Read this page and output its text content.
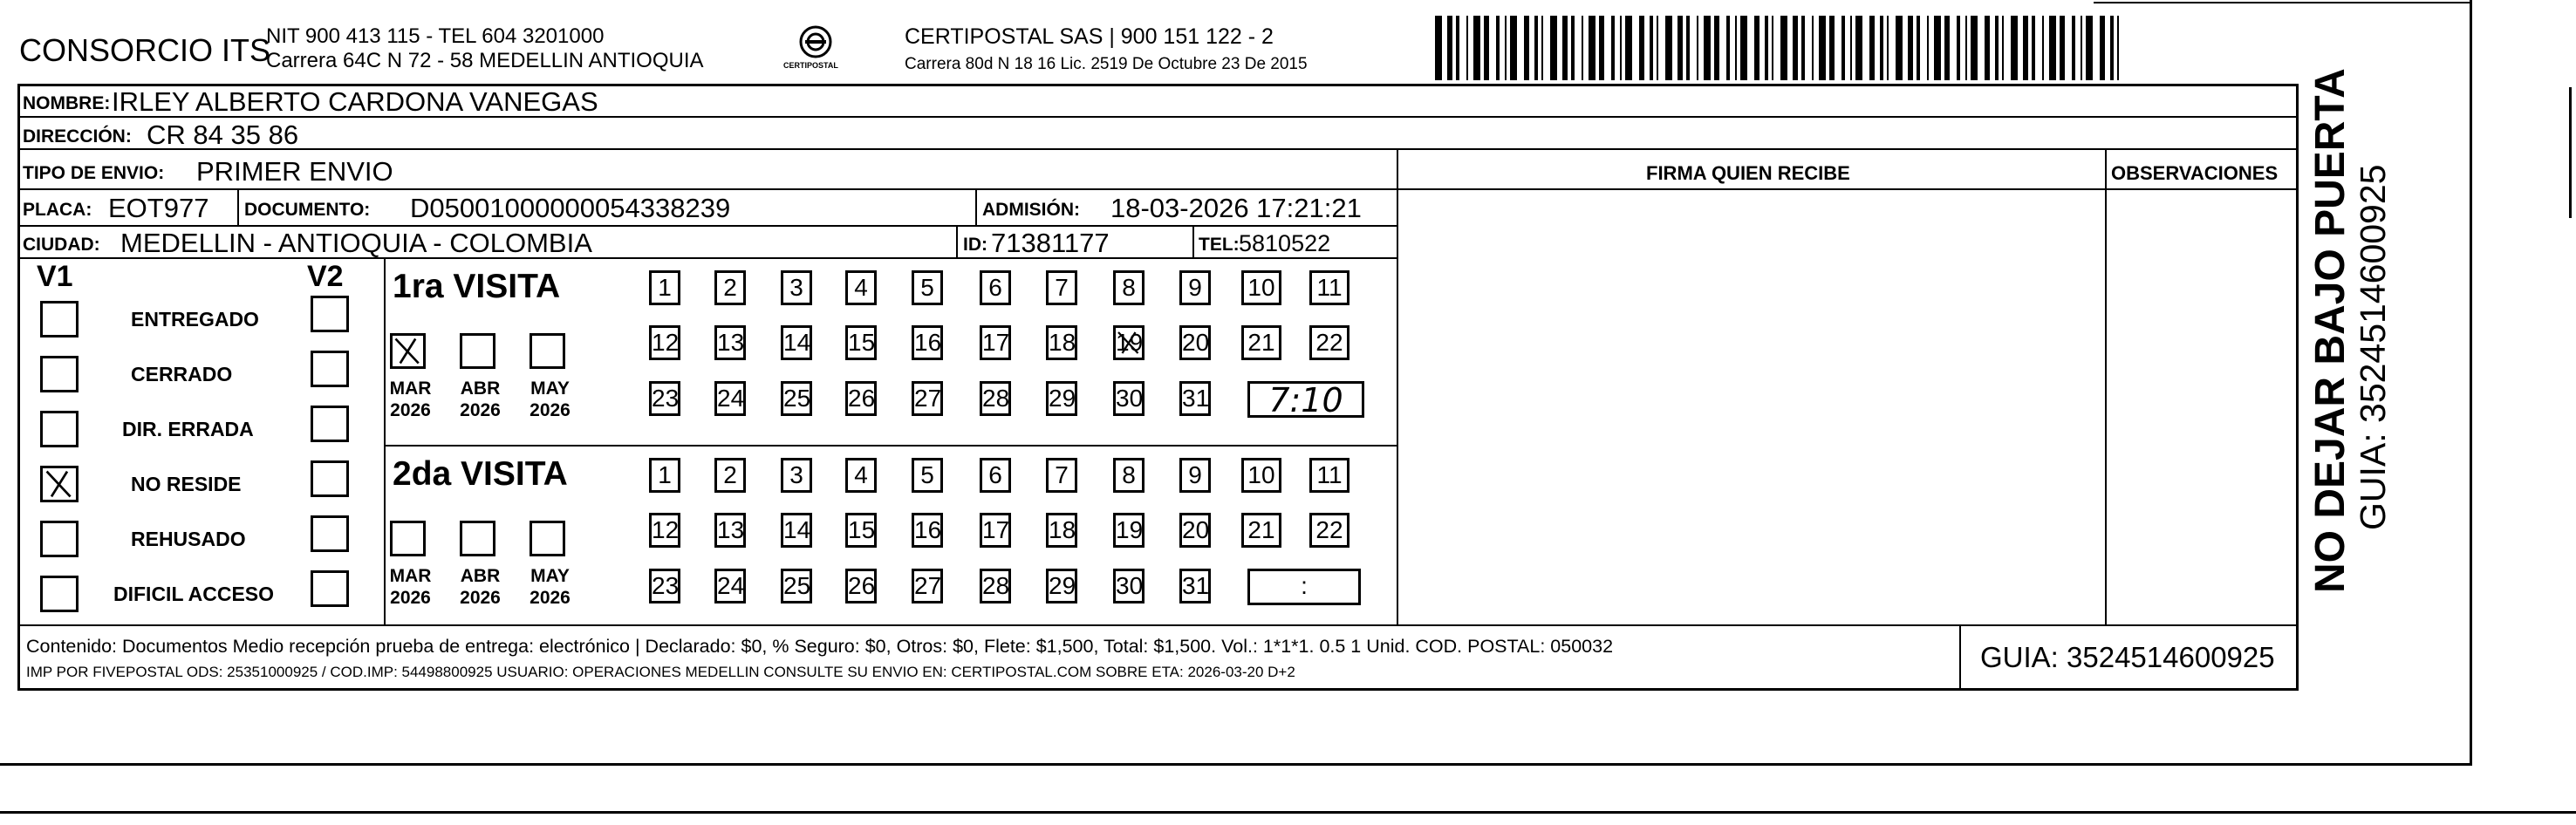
CONSORCIO ITS
NIT 900 413 115 - TEL 604 3201000
Carrera 64C N 72 - 58 MEDELLIN ANTIOQUIA	CERTIPOSTAL
CERTIPOSTAL SAS | 900 151 122 - 2
Carrera 80d N 18 16 Lic. 2519 De Octubre 23 De 2015
NOMBRE: IRLEY ALBERTO CARDONA VANEGAS
DIRECCIÓN: CR 84 35 86
TIPO DE ENVIO: PRIMER ENVIO	FIRMA QUIEN RECIBE	OBSERVACIONES
PLACA: EOT977 DOCUMENTO: D05001000000054338239	ADMISIÓN: 18-03-2026 17:21:21
CIUDAD: MEDELLIN - ANTIOQUIA - COLOMBIA	ID: 71381177	TEL: 5810522
V1	V2
ENTREGADO
CERRADO
DIR. ERRADA
NO RESIDE
REHUSADO
DIFICIL ACCESO
1ra VISITA
MAR
2026
ABR
2026
MAY
2026
1	2	3	4	5	6	7	8	9	10	11
12 13 14 15 16 17 18 19 20 21 22
23 24 25 26 27 28 29 30 31	7:10
2da VISITA
MAR
2026
ABR
2026
MAY
2026
1	2	3	4	5	6	7	8	9	10	11
12 13 14 15 16 17 18 19 20 21 22
23 24 25 26 27 28 29 30 31	:
Contenido: Documentos Medio recepción prueba de entrega: electrónico | Declarado: $0, % Seguro: $0, Otros: $0, Flete: $1,500, Total: $1,500. Vol.: 1*1*1. 0.5 1 Unid. COD. POSTAL: 050032
IMP POR FIVEPOSTAL ODS: 25351000925 / COD.IMP: 54498800925 USUARIO: OPERACIONES MEDELLIN CONSULTE SU ENVIO EN: CERTIPOSTAL.COM SOBRE ETA: 2026-03-20 D+2	GUIA: 3524514600925
NO DEJAR BAJO PUERTA GUIA: 3524514600925
